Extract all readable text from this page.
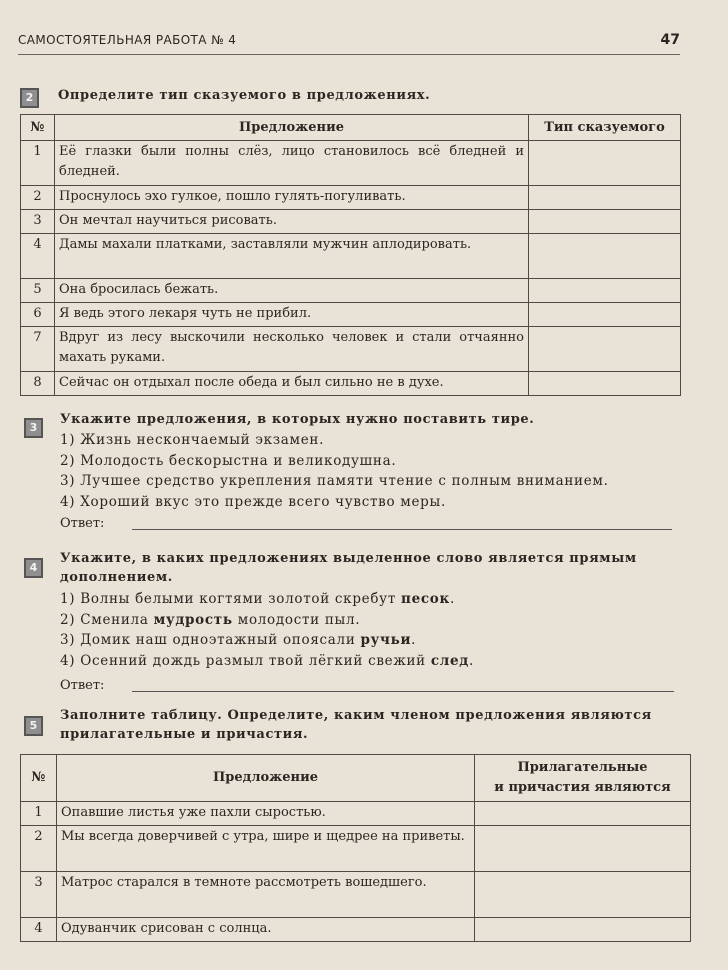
САМОСТОЯТЕЛЬНАЯ РАБОТА № 4	47
2	Определите тип сказуемого в предложениях.
№	Предложение	Тип сказуемого
1	Её глазки были полны слёз, лицо становилось всё бледней и бледней.	
2	Проснулось эхо гулкое, пошло гулять-погуливать.	
3	Он мечтал научиться рисовать.	
4	Дамы махали платками, заставляли мужчин аплодировать.	
5	Она бросилась бежать.	
6	Я ведь этого лекаря чуть не прибил.	
7	Вдруг из лесу выскочили несколько человек и стали отчаянно махать руками.	
8	Сейчас он отдыхал после обеда и был сильно не в духе.	
3
Укажите предложения, в которых нужно поставить тире.
1) Жизнь нескончаемый экзамен.
2) Молодость бескорыстна и великодушна.
3) Лучшее средство укрепления памяти чтение с полным вниманием.
4) Хороший вкус это прежде всего чувство меры.
Ответ:
4
Укажите, в каких предложениях выделенное слово является прямым
дополнением.
1) Волны белыми когтями золотой скребут песок.
2) Сменила мудрость молодости пыл.
3) Домик наш одноэтажный опоясали ручьи.
4) Осенний дождь размыл твой лёгкий свежий след.
Ответ:
5
Заполните таблицу. Определите, каким членом предложения являются
прилагательные и причастия.
№	Предложение	Прилагательные
и причастия являются

1	Опавшие листья уже пахли сыростью.	
2	Мы всегда доверчивей с утра, шире и щедрее на приветы.	
3	Матрос старался в темноте рассмотреть вошедшего.	
4	Одуванчик срисован с солнца.	
